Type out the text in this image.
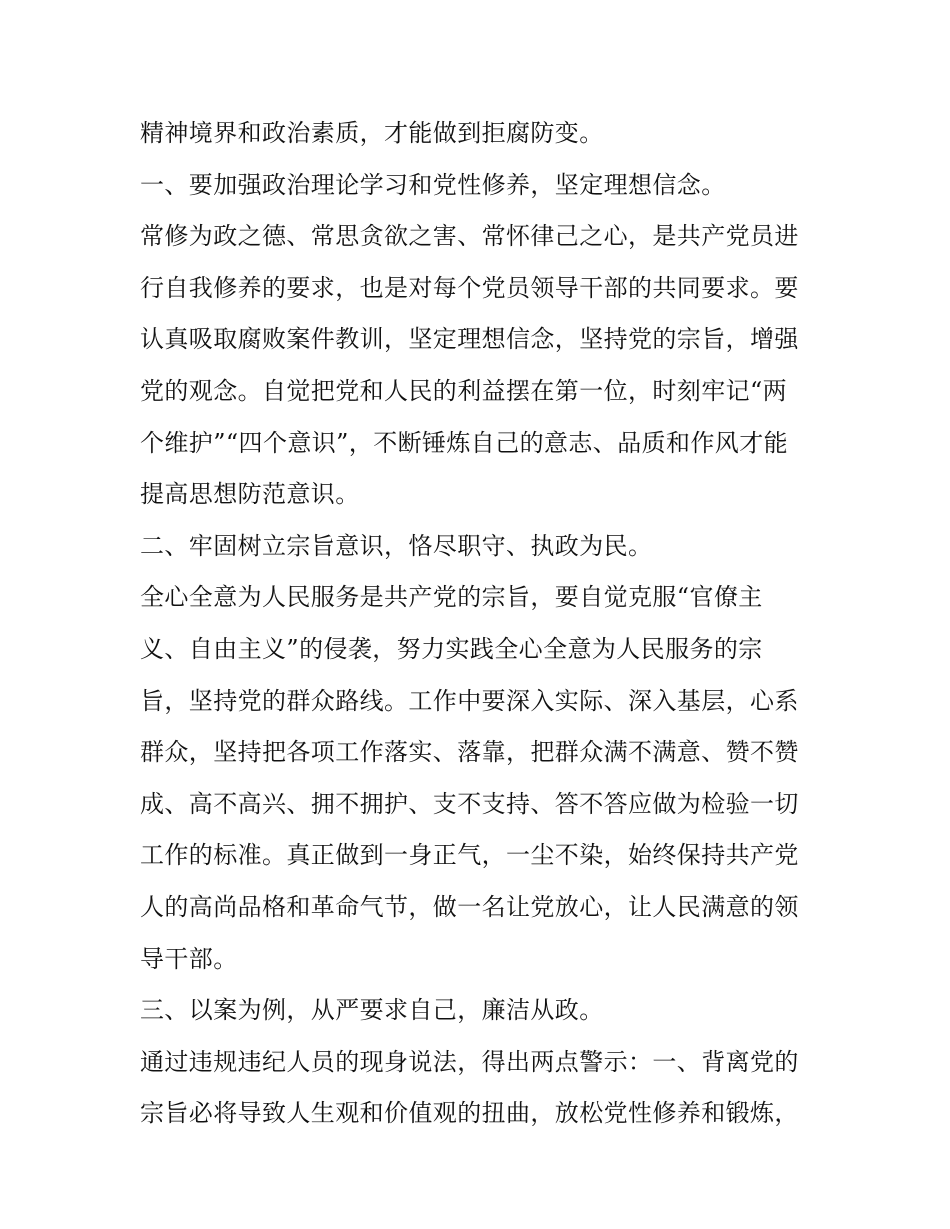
精神境界和政治素质，才能做到拒腐防变。
一、要加强政治理论学习和党性修养，坚定理想信念。
常修为政之德、常思贪欲之害、常怀律己之心，是共产党员进
行自我修养的要求，也是对每个党员领导干部的共同要求。要
认真吸取腐败案件教训，坚定理想信念，坚持党的宗旨，增强
党的观念。自觉把党和人民的利益摆在第一位，时刻牢记“两
个维护”“四个意识”，不断锤炼自己的意志、品质和作风才能
提高思想防范意识。
二、牢固树立宗旨意识，恪尽职守、执政为民。
全心全意为人民服务是共产党的宗旨，要自觉克服“官僚主
义、自由主义”的侵袭，努力实践全心全意为人民服务的宗
旨，坚持党的群众路线。工作中要深入实际、深入基层，心系
群众，坚持把各项工作落实、落靠，把群众满不满意、赞不赞
成、高不高兴、拥不拥护、支不支持、答不答应做为检验一切
工作的标准。真正做到一身正气，一尘不染，始终保持共产党
人的高尚品格和革命气节，做一名让党放心，让人民满意的领
导干部。
三、以案为例，从严要求自己，廉洁从政。
通过违规违纪人员的现身说法，得出两点警示：一、背离党的
宗旨必将导致人生观和价值观的扭曲，放松党性修养和锻炼，
